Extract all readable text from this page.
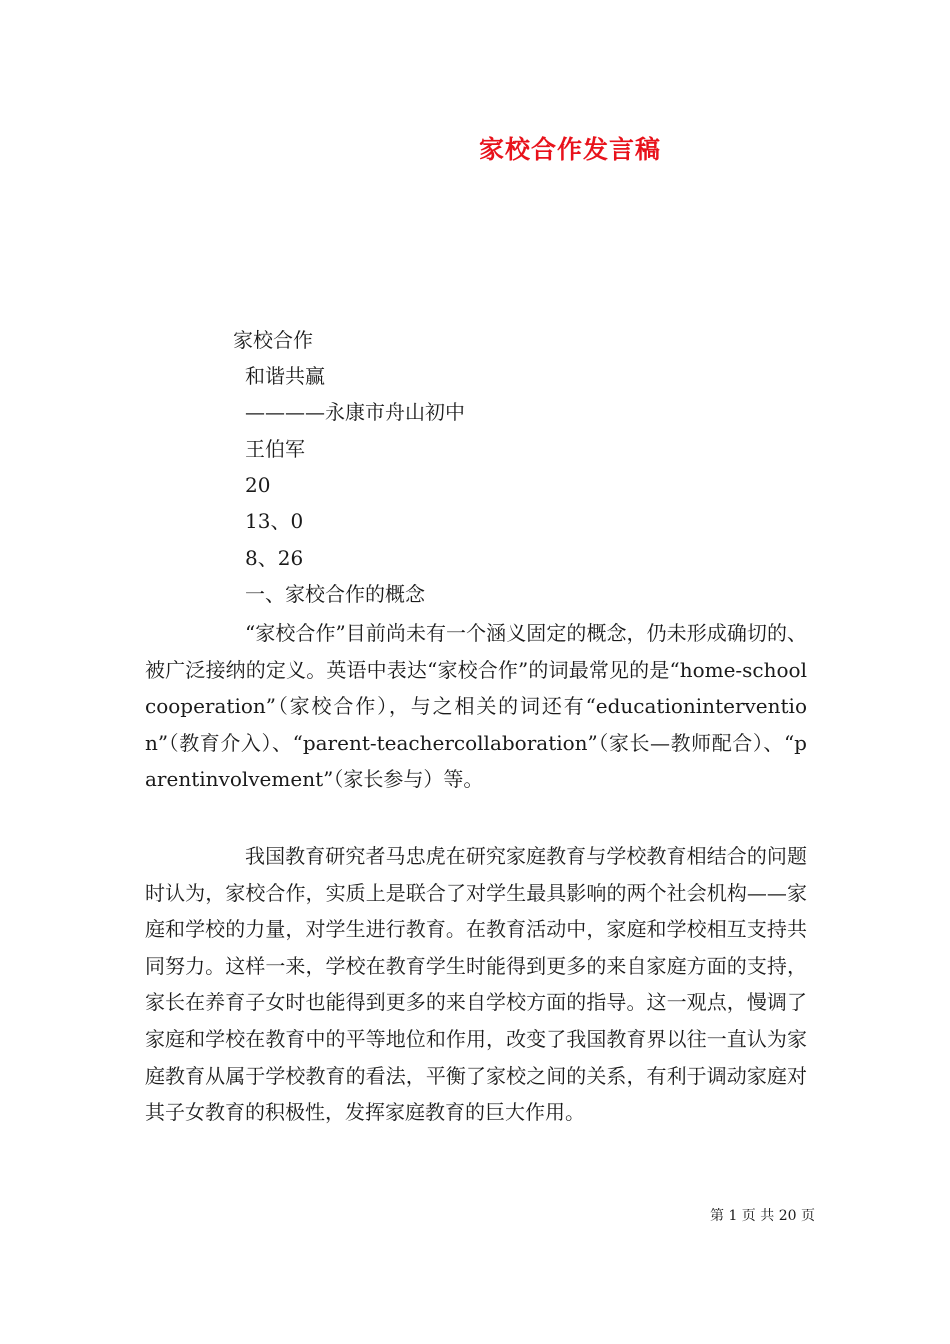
家校合作发言稿
家校合作
和谐共赢
————永康市舟山初中
王伯军
20
13、0
8、26
一、家校合作的概念

“家校合作”目前尚未有一个涵义固定的概念，仍未形成确切的、被广泛接纳的定义。英语中表达“家校合作”的词最常见的是“home-schoolcooperation”（家校合作），与之相关的词还有“educationintervention”（教育介入）、“parent-teachercollaboration”（家长—教师配合）、“parentinvolvement”（家长参与）等。

我国教育研究者马忠虎在研究家庭教育与学校教育相结合的问题时认为，家校合作，实质上是联合了对学生最具影响的两个社会机构——家庭和学校的力量，对学生进行教育。在教育活动中，家庭和学校相互支持共同努力。这样一来，学校在教育学生时能得到更多的来自家庭方面的支持，家长在养育子女时也能得到更多的来自学校方面的指导。这一观点，慢调了家庭和学校在教育中的平等地位和作用，改变了我国教育界以往一直认为家庭教育从属于学校教育的看法，平衡了家校之间的关系，有利于调动家庭对其子女教育的积极性，发挥家庭教育的巨大作用。

第 1 页 共 20 页
